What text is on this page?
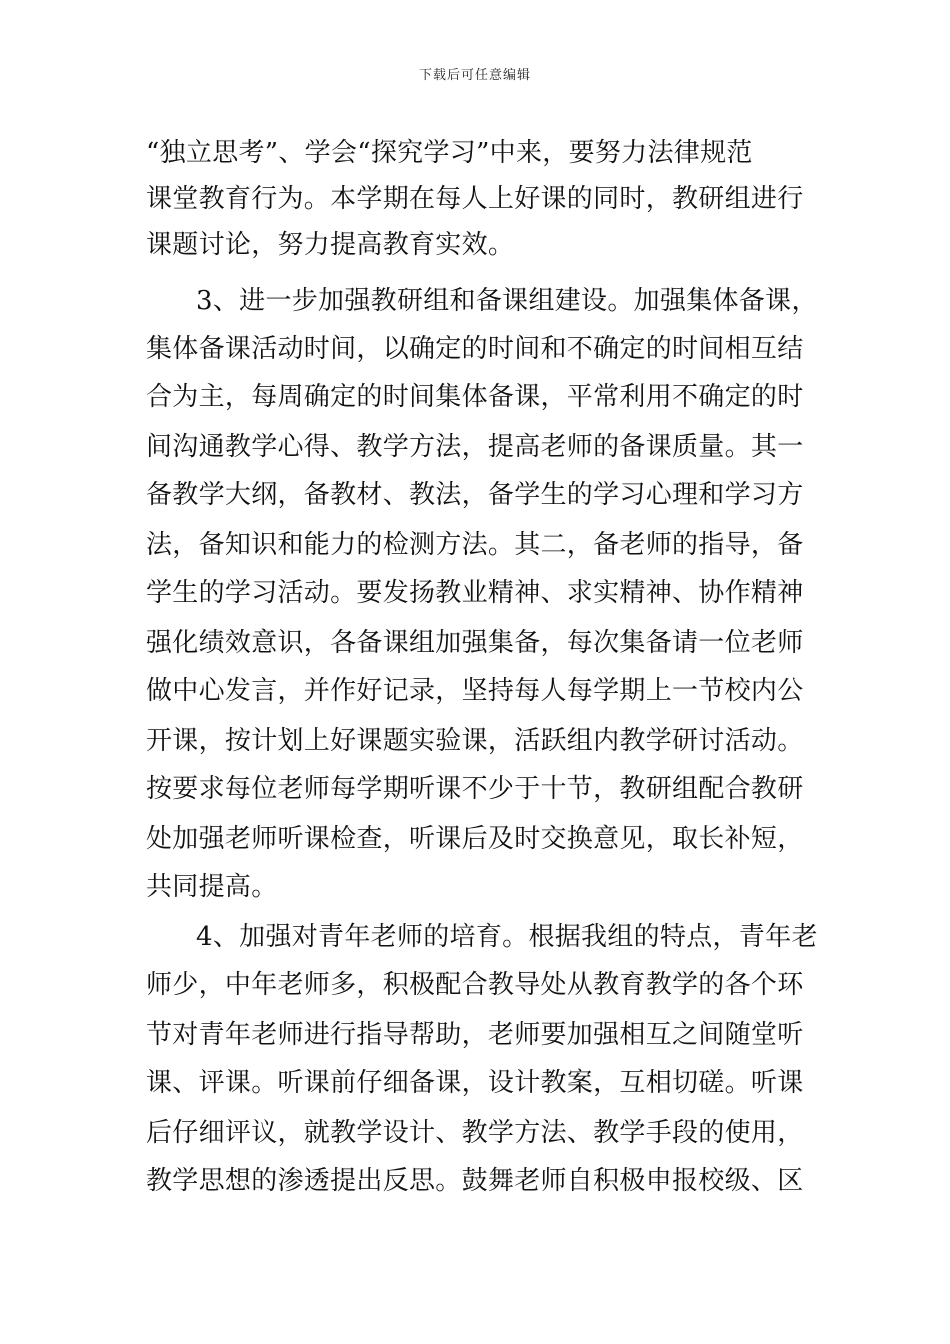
下载后可任意编辑
“独立思考”、学会“探究学习”中来，要努力法律规范
课堂教育行为。本学期在每人上好课的同时，教研组进行
课题讨论，努力提高教育实效。
3、进一步加强教研组和备课组建设。加强集体备课，
集体备课活动时间，以确定的时间和不确定的时间相互结
合为主，每周确定的时间集体备课，平常利用不确定的时
间沟通教学心得、教学方法，提高老师的备课质量。其一
备教学大纲，备教材、教法，备学生的学习心理和学习方
法，备知识和能力的检测方法。其二，备老师的指导，备
学生的学习活动。要发扬教业精神、求实精神、协作精神
强化绩效意识，各备课组加强集备，每次集备请一位老师
做中心发言，并作好记录，坚持每人每学期上一节校内公
开课，按计划上好课题实验课，活跃组内教学研讨活动。
按要求每位老师每学期听课不少于十节，教研组配合教研
处加强老师听课检查，听课后及时交换意见，取长补短，
共同提高。
4、加强对青年老师的培育。根据我组的特点，青年老
师少，中年老师多，积极配合教导处从教育教学的各个环
节对青年老师进行指导帮助，老师要加强相互之间随堂听
课、评课。听课前仔细备课，设计教案，互相切磋。听课
后仔细评议，就教学设计、教学方法、教学手段的使用，
教学思想的渗透提出反思。鼓舞老师自积极申报校级、区
